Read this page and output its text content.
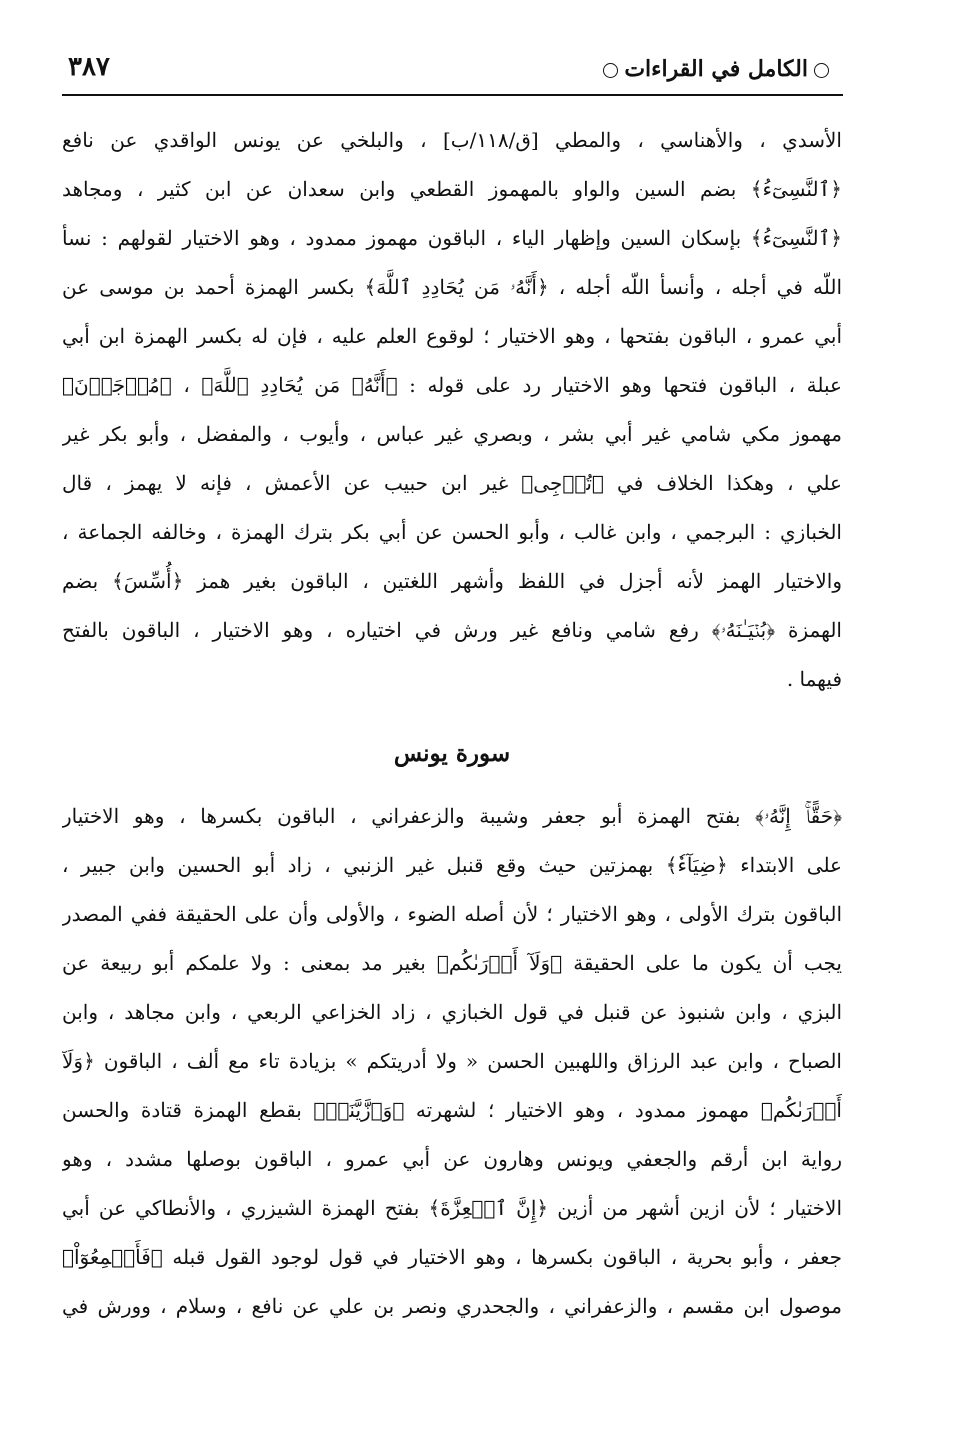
٣٨٧	الكامل في القراءات
الأسدي ، والأهناسي ، والمطي [ق/١١٨/ب] ، والبلخي عن يونس الواقدي عن نافع
﴿ٱلنَّسِىٓءُ﴾ بضم السين والواو بالمهموز القطعي وابن سعدان عن ابن كثير ، ومجاهد
﴿ٱلنَّسِىٓءُ﴾ بإسكان السين وإظهار الياء ، الباقون مهموز ممدود ، وهو الاختيار لقولهم : نسأ
اللّه في أجله ، وأنسأ اللّه أجله ، ﴿أَنَّهُۥ مَن يُحَادِدِ ٱللَّهَ﴾ بكسر الهمزة أحمد بن موسى عن
أبي عمرو ، الباقون بفتحها ، وهو الاختيار ؛ لوقوع العلم عليه ، فإن له بكسر الهمزة ابن أبي
عبلة ، الباقون فتحها وهو الاختيار رد على قوله : ﴿أَنَّهُۥ مَن يُحَادِدِ ٱللَّهَ﴾ ، ﴿مُرۡجَوۡنَ﴾
مهموز مكي شامي غير أبي بشر ، وبصري غير عباس ، وأيوب ، والمفضل ، وأبو بكر غير
علي ، وهكذا الخلاف في ﴿تُرۡجِى﴾ غير ابن حبيب عن الأعمش ، فإنه لا يهمز ، قال
الخبازي : البرجمي ، وابن غالب ، وأبو الحسن عن أبي بكر بترك الهمزة ، وخالفه الجماعة ،
والاختيار الهمز لأنه أجزل في اللفظ وأشهر اللغتين ، الباقون بغير همز ﴿أُسِّسَ﴾ بضم
الهمزة ﴿بُنۡيَـٰنَهُۥ﴾ رفع شامي ونافع غير ورش في اختياره ، وهو الاختيار ، الباقون بالفتح
فيهما .
سورة يونس
﴿حَقًّاۚ إِنَّهُۥ﴾ بفتح الهمزة أبو جعفر وشيبة والزعفراني ، الباقون بكسرها ، وهو الاختيار
على الابتداء ﴿ضِيَآءٗ﴾ بهمزتين حيث وقع قنبل غير الزنبي ، زاد أبو الحسين وابن جبير ،
الباقون بترك الأولى ، وهو الاختيار ؛ لأن أصله الضوء ، والأولى وأن على الحقيقة ففي المصدر
يجب أن يكون ما على الحقيقة ﴿وَلَآ أَدۡرَىٰكُم﴾ بغير مد بمعنى : ولا علمكم أبو ربيعة عن
البزي ، وابن شنبوذ عن قنبل في قول الخبازي ، زاد الخزاعي الربعي ، وابن مجاهد ، وابن
الصباح ، وابن عبد الرزاق واللهبين الحسن « ولا أدريتكم » بزيادة تاء مع ألف ، الباقون ﴿وَلَآ
أَدۡرَىٰكُم﴾ مهموز ممدود ، وهو الاختيار ؛ لشهرته ﴿وَٱزَّيَّنَتۡ﴾ بقطع الهمزة قتادة والحسن
رواية ابن أرقم والجعفي ويونس وهارون عن أبي عمرو ، الباقون بوصلها مشدد ، وهو
الاختيار ؛ لأن ازين أشهر من أزين ﴿إِنَّ ٱلۡعِزَّةَ﴾ بفتح الهمزة الشيزري ، والأنطاكي عن أبي
جعفر ، وأبو بحرية ، الباقون بكسرها ، وهو الاختيار في قول لوجود القول قبله ﴿فَأَجۡمِعُوٓاْ﴾
موصول ابن مقسم ، والزعفراني ، والجحدري ونصر بن علي عن نافع ، وسلام ، وورش في
